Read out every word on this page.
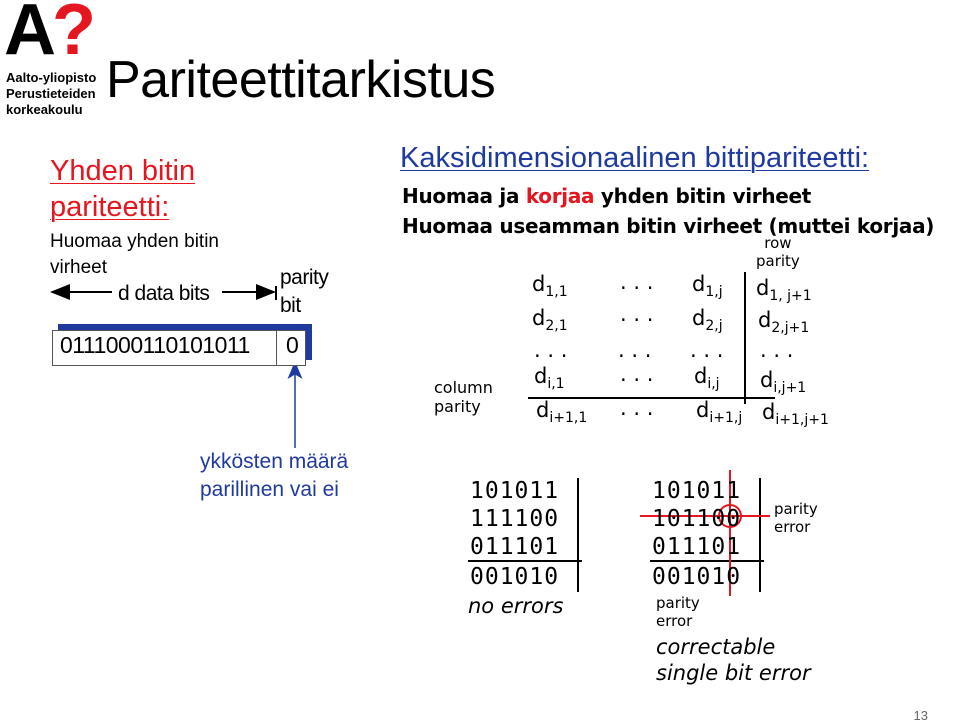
A?
Aalto-yliopisto
Perustieteiden
korkeakoulu
Pariteettitarkistus
Yhden bitin
pariteetti:
Huomaa yhden bitin
virheet
d data bits
parity
bit
0111000110101011 0
ykkösten määrä
parillinen vai ei
Kaksidimensionaalinen bittipariteetti:
Huomaa ja korjaa yhden bitin virheet
Huomaa useamman bitin virheet (muttei korjaa)
row
parity
$d_{1,1}$ . . . $d_{1,j}$ $d_{1, j+1}$
$d_{2,1}$ . . . $d_{2,j}$ $d_{2,j+1}$
. . . . . . . . . . . .
$d_{i,1}$	. . . $d_{i,j}$ $d_{i,j+1}$
column
parity	$d_{i+1,1}$ . . . $d_{i+1,j}$ $d_{i+1,j+1}$
101011
111100
011101
001010
no errors
101011
101100
011101
001010
parity
error
parity
error
correctable
single bit error
13
